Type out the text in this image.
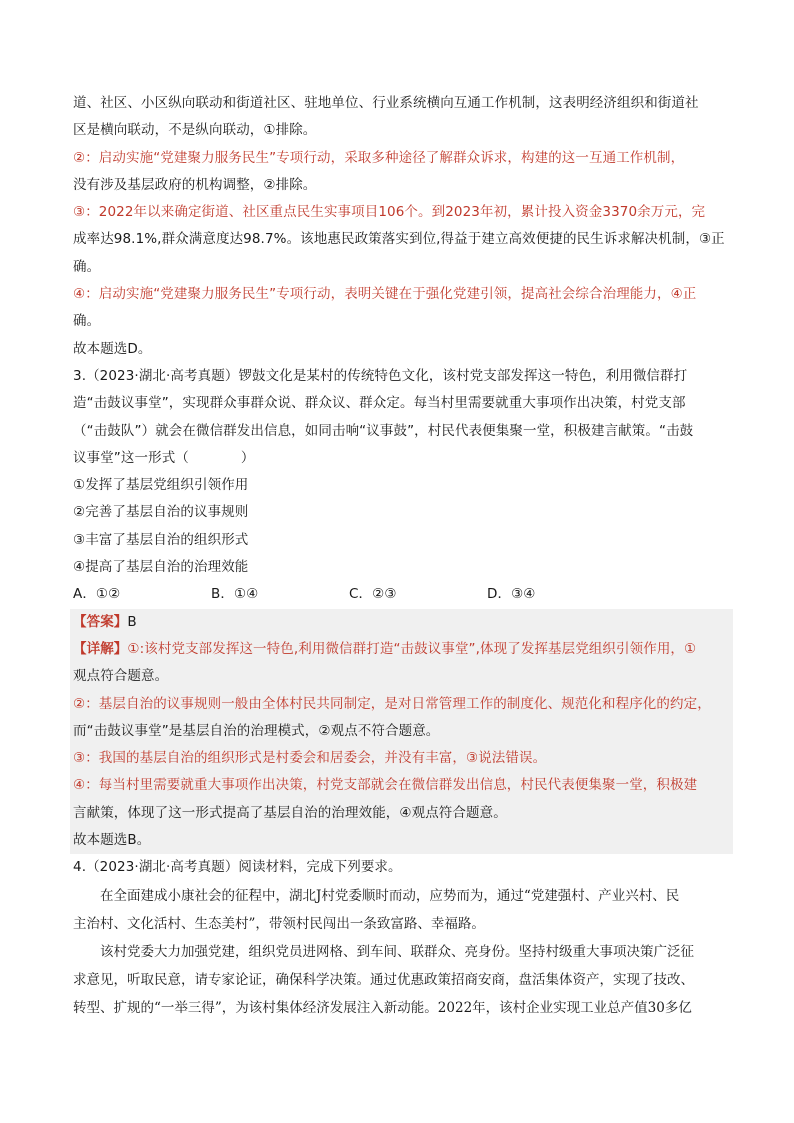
道、社区、小区纵向联动和街道社区、驻地单位、行业系统横向互通工作机制，这表明经济组织和街道社
区是横向联动，不是纵向联动，①排除。
②：启动实施“党建聚力服务民生”专项行动，采取多种途径了解群众诉求，构建的这一互通工作机制，
没有涉及基层政府的机构调整，②排除。
③：2022年以来确定街道、社区重点民生实事项目106个。到2023年初，累计投入资金3370余万元，完
成率达98.1%,群众满意度达98.7%。该地惠民政策落实到位,得益于建立高效便捷的民生诉求解决机制，③正
确。
④：启动实施“党建聚力服务民生”专项行动，表明关键在于强化党建引领，提高社会综合治理能力，④正
确。
故本题选D。
3.（2023·湖北·高考真题）锣鼓文化是某村的传统特色文化，该村党支部发挥这一特色，利用微信群打
造“击鼓议事堂”，实现群众事群众说、群众议、群众定。每当村里需要就重大事项作出决策，村党支部
（“击鼓队”）就会在微信群发出信息，如同击响“议事鼓”，村民代表便集聚一堂，积极建言献策。“击鼓
议事堂”这一形式（	）
①发挥了基层党组织引领作用
②完善了基层自治的议事规则
③丰富了基层自治的组织形式
④提高了基层自治的治理效能
A．①②	B．①④	C．②③	D．③④
【答案】B
【详解】①:该村党支部发挥这一特色,利用微信群打造“击鼓议事堂”,体现了发挥基层党组织引领作用，①
观点符合题意。
②：基层自治的议事规则一般由全体村民共同制定，是对日常管理工作的制度化、规范化和程序化的约定，
而“击鼓议事堂”是基层自治的治理模式，②观点不符合题意。
③：我国的基层自治的组织形式是村委会和居委会，并没有丰富，③说法错误。
④：每当村里需要就重大事项作出决策，村党支部就会在微信群发出信息，村民代表便集聚一堂，积极建
言献策，体现了这一形式提高了基层自治的治理效能，④观点符合题意。
故本题选B。
4.（2023·湖北·高考真题）阅读材料，完成下列要求。
在全面建成小康社会的征程中，湖北J村党委顺时而动，应势而为，通过“党建强村、产业兴村、民
主治村、文化活村、生态美村”，带领村民闯出一条致富路、幸福路。
该村党委大力加强党建，组织党员进网格、到车间、联群众、亮身份。坚持村级重大事项决策广泛征
求意见，听取民意，请专家论证，确保科学决策。通过优惠政策招商安商，盘活集体资产，实现了技改、
转型、扩规的“一举三得”，为该村集体经济发展注入新动能。2022年，该村企业实现工业总产值30多亿
